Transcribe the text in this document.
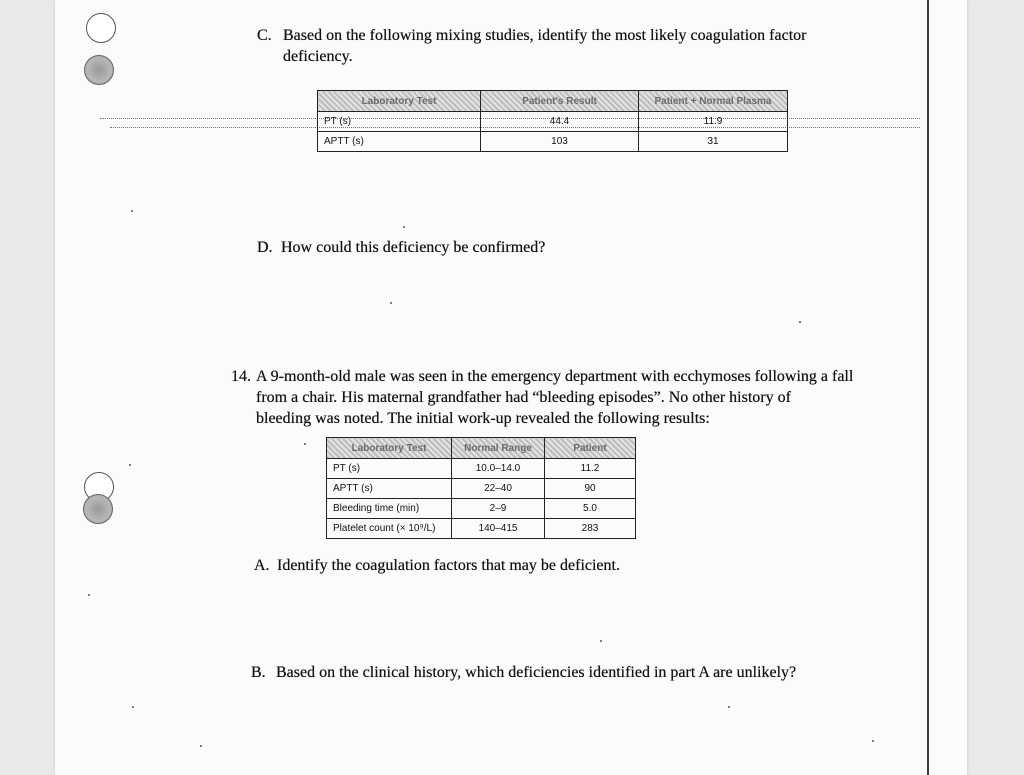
C. Based on the following mixing studies, identify the most likely coagulation factor
deficiency.
Laboratory Test	Patient's Result	Patient + Normal Plasma
PT (s)	44.4	11.9
APTT (s)	103	31
D. How could this deficiency be confirmed?
14. A 9-month-old male was seen in the emergency department with ecchymoses following a fall
from a chair. His maternal grandfather had “bleeding episodes”. No other history of
bleeding was noted. The initial work-up revealed the following results:
Laboratory Test	Normal Range	Patient
PT (s)	10.0–14.0	11.2
APTT (s)	22–40	90
Bleeding time (min)	2–9	5.0
Platelet count (× 10⁹/L)	140–415	283
A. Identify the coagulation factors that may be deficient.
B. Based on the clinical history, which deficiencies identified in part A are unlikely?
